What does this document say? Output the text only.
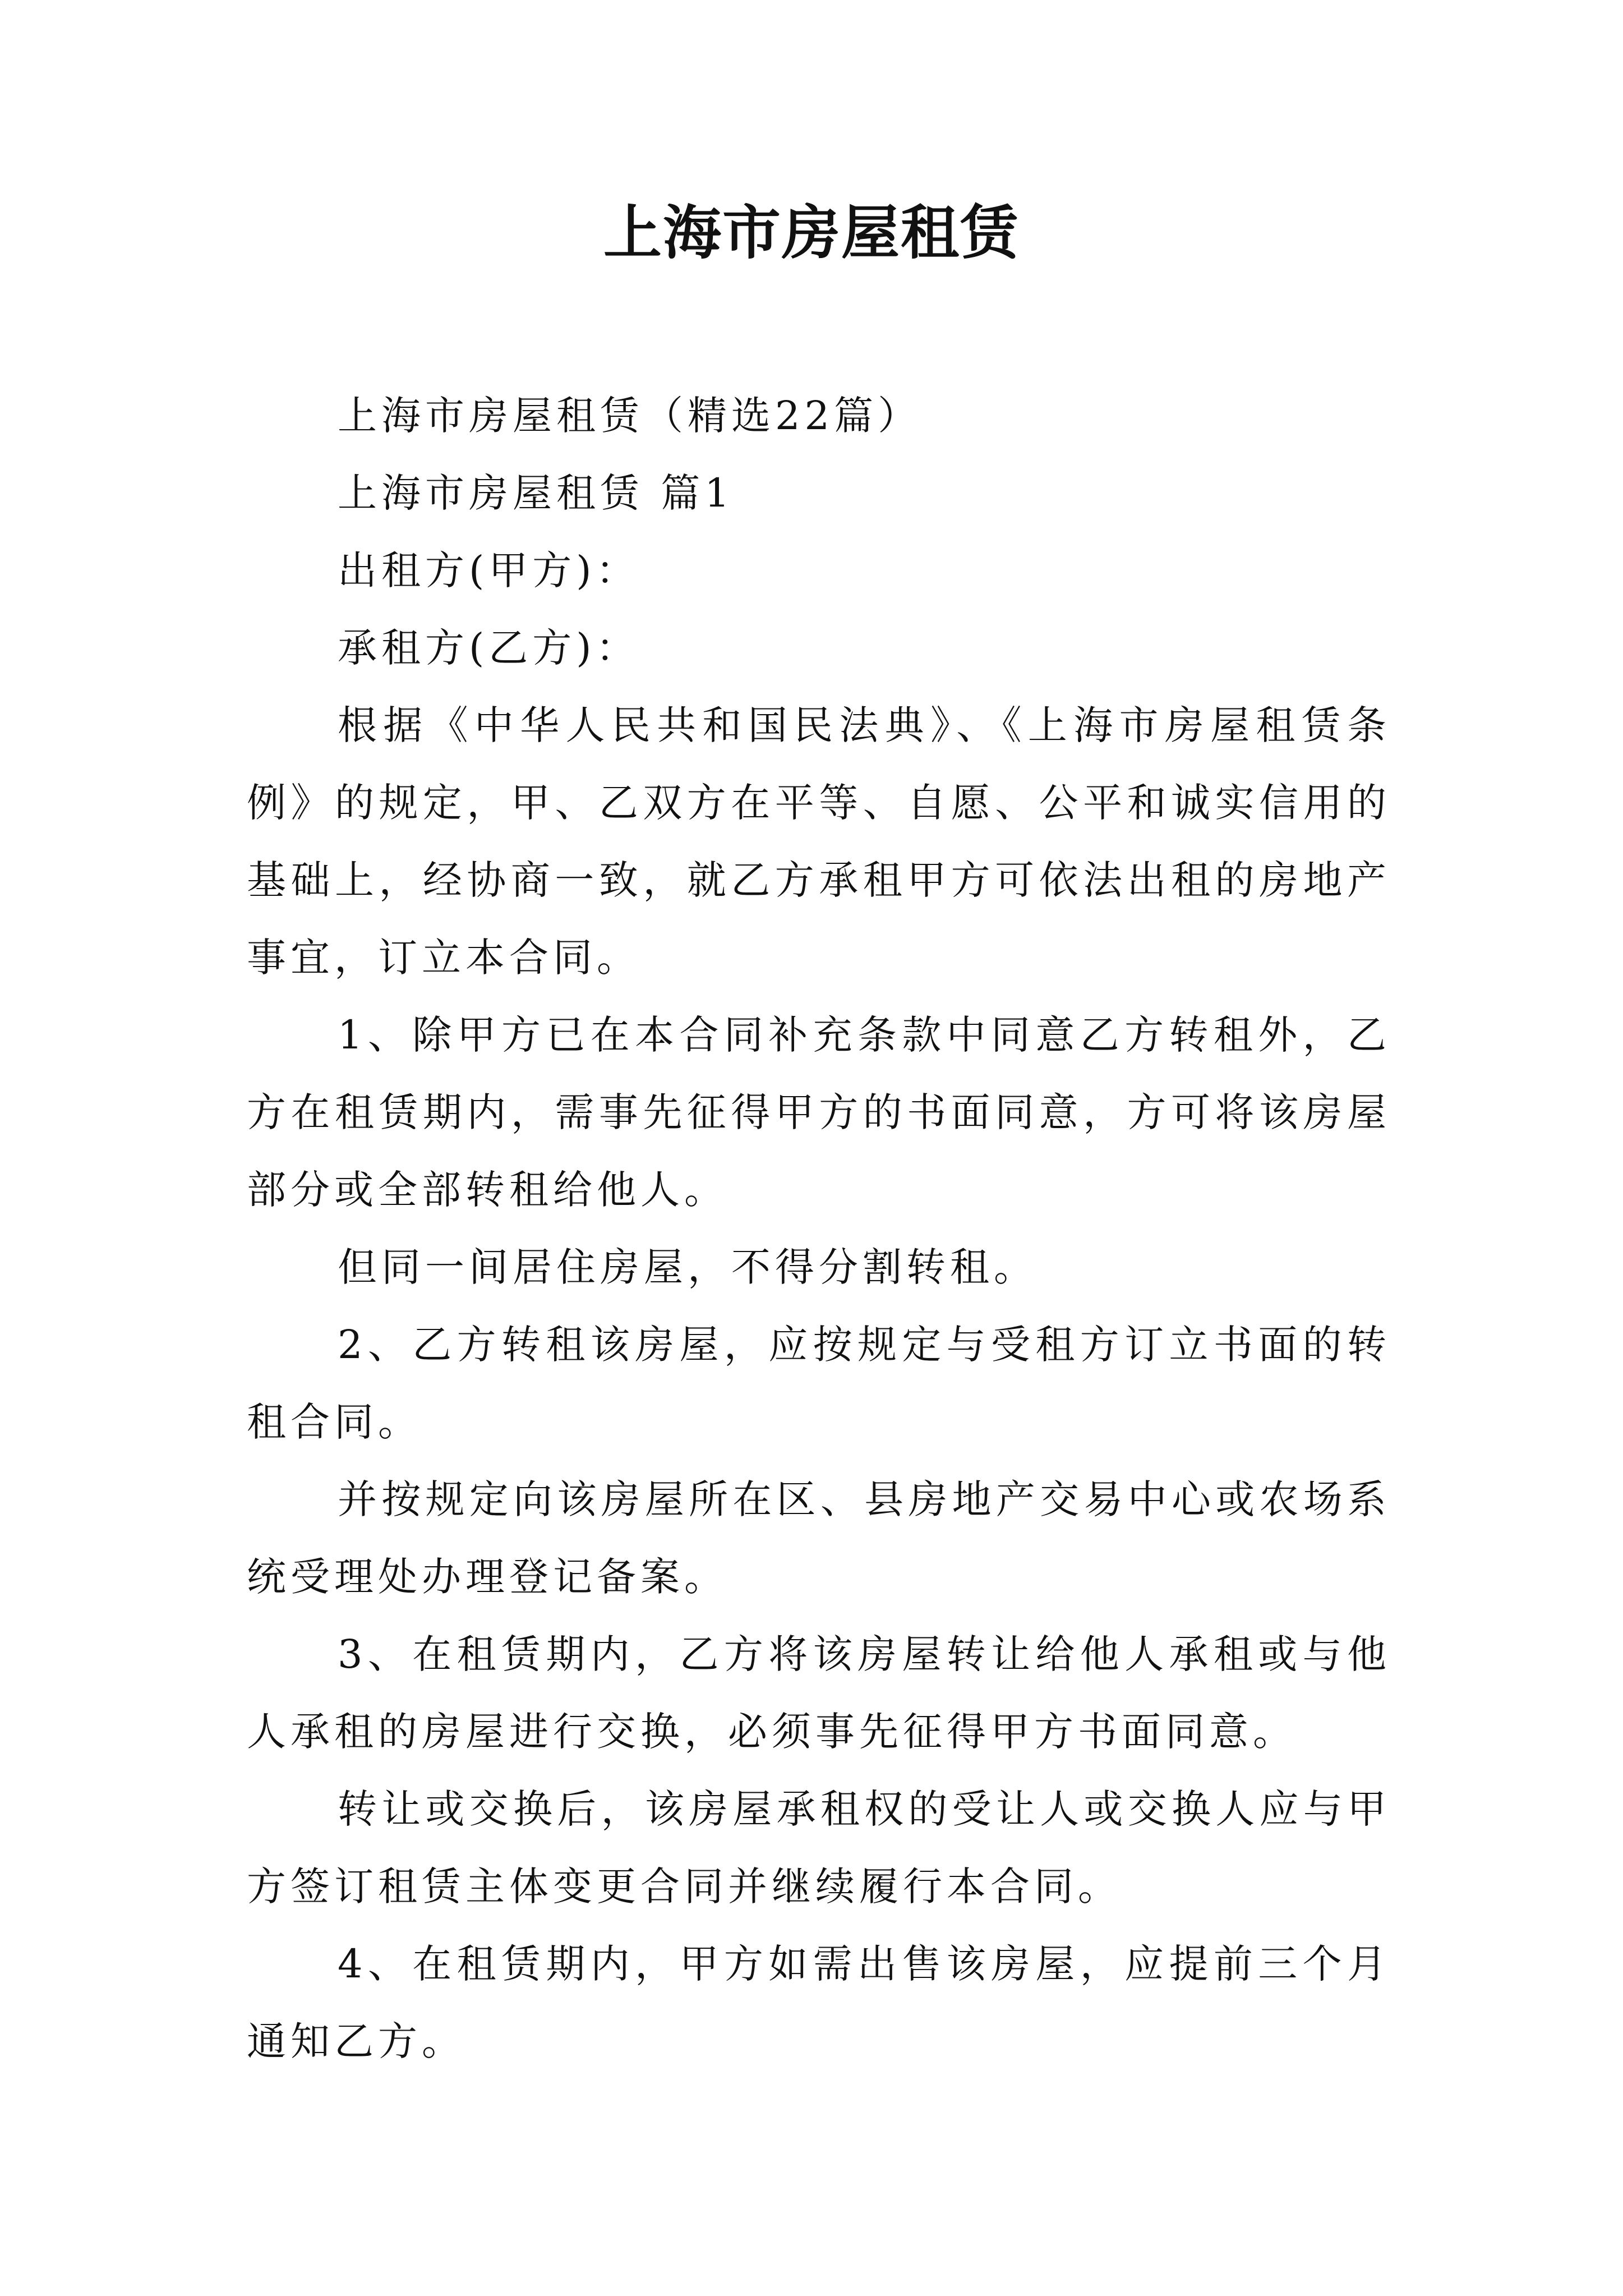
上海市房屋租赁

上海市房屋租赁（精选22篇）

上海市房屋租赁 篇1

出租方(甲方)：

承租方(乙方)：

根据《中华人民共和国民法典》、《上海市房屋租赁条例》的规定，甲、乙双方在平等、自愿、公平和诚实信用的基础上，经协商一致，就乙方承租甲方可依法出租的房地产事宜，订立本合同。

1、除甲方已在本合同补充条款中同意乙方转租外，乙方在租赁期内，需事先征得甲方的书面同意，方可将该房屋部分或全部转租给他人。

但同一间居住房屋，不得分割转租。

2、乙方转租该房屋，应按规定与受租方订立书面的转租合同。

并按规定向该房屋所在区、县房地产交易中心或农场系统受理处办理登记备案。

3、在租赁期内，乙方将该房屋转让给他人承租或与他人承租的房屋进行交换，必须事先征得甲方书面同意。

转让或交换后，该房屋承租权的受让人或交换人应与甲方签订租赁主体变更合同并继续履行本合同。

4、在租赁期内，甲方如需出售该房屋，应提前三个月通知乙方。
